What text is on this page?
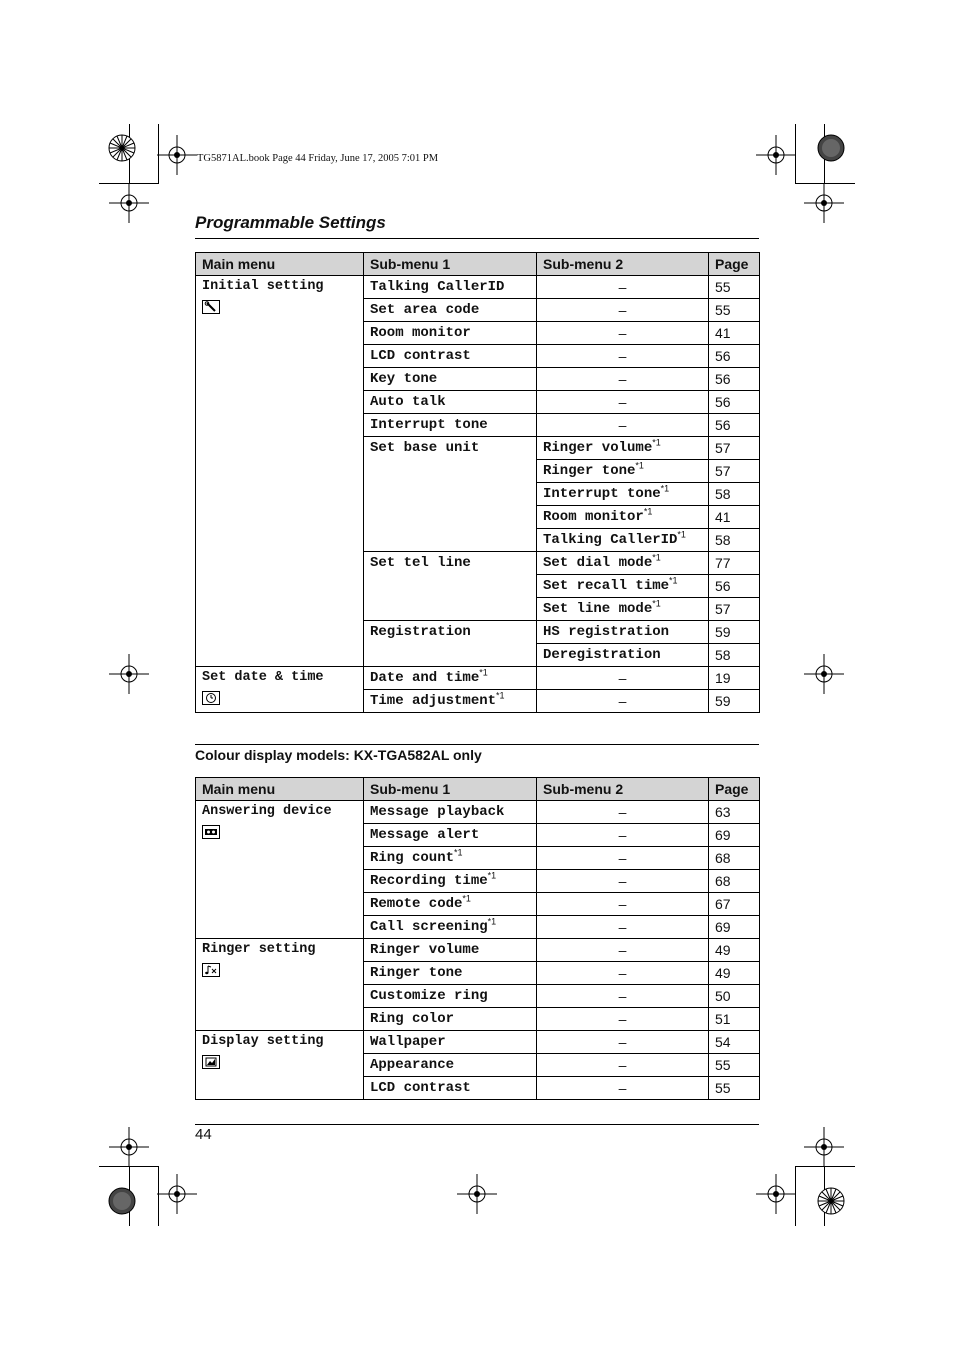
TG5871AL.book Page 44 Friday, June 17, 2005 7:01 PM
Programmable Settings
Main menu	Sub-menu 1	Sub-menu 2	Page

Initial setting	Talking CallerID	–	55
	Set area code	–	55
	Room monitor	–	41
	LCD contrast	–	56
	Key tone	–	56
	Auto talk	–	56
	Interrupt tone	–	56
	Set base unit	Ringer volume$^{*1}$	57
		Ringer tone$^{*1}$	57
		Interrupt tone$^{*1}$	58
		Room monitor$^{*1}$	41
		Talking CallerID$^{*1}$	58
	Set tel line	Set dial mode$^{*1}$	77
		Set recall time$^{*1}$	56
		Set line mode$^{*1}$	57
	Registration	HS registration	59
		Deregistration	58

Set date & time	Date and time$^{*1}$	–	19
	Time adjustment$^{*1}$	–	59
Colour display models: KX-TGA582AL only
Main menu	Sub-menu 1	Sub-menu 2	Page

Answering device	Message playback	–	63
	Message alert	–	69
	Ring count$^{*1}$	–	68
	Recording time$^{*1}$	–	68
	Remote code$^{*1}$	–	67
	Call screening$^{*1}$	–	69

Ringer setting	Ringer volume	–	49
	Ringer tone	–	49
	Customize ring	–	50
	Ring color	–	51

Display setting	Wallpaper	–	54
	Appearance	–	55
	LCD contrast	–	55
44
